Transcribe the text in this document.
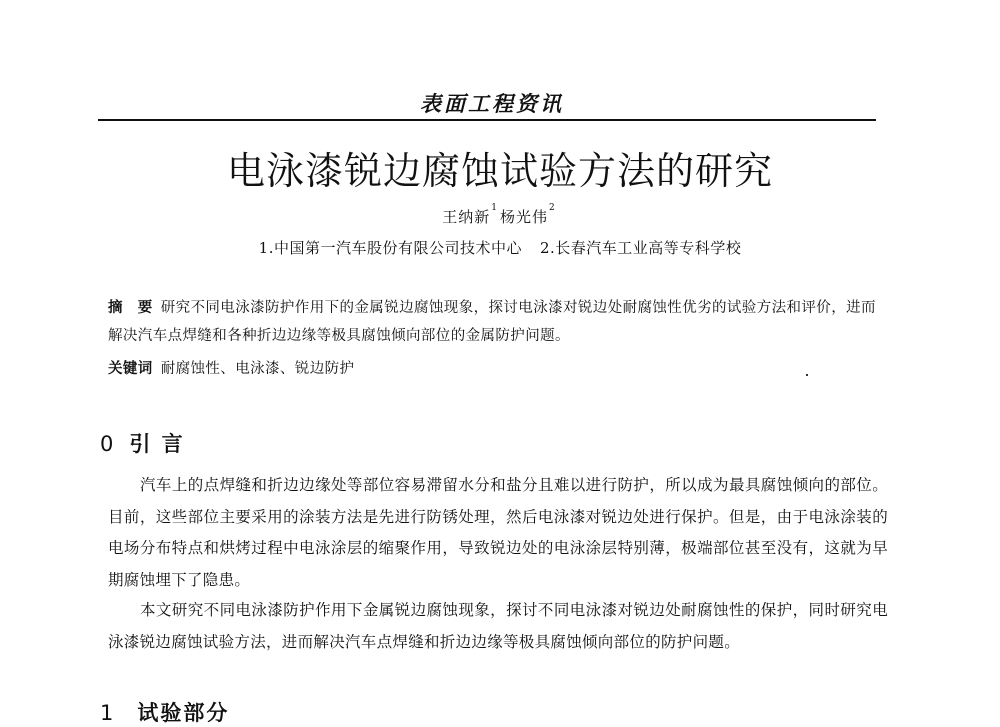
表面工程资讯
电泳漆锐边腐蚀试验方法的研究
王纳新$^1$ 杨光伟$^2$
1.中国第一汽车股份有限公司技术中心 2.长春汽车工业高等专科学校
摘　要 研究不同电泳漆防护作用下的金属锐边腐蚀现象，探讨电泳漆对锐边处耐腐蚀性优劣的试验方法和评价，进而解决汽车点焊缝和各种折边边缘等极具腐蚀倾向部位的金属防护问题。
关键词 耐腐蚀性、电泳漆、锐边防护
0 引 言
汽车上的点焊缝和折边边缘处等部位容易滞留水分和盐分且难以进行防护，所以成为最具腐蚀倾向的部位。目前，这些部位主要采用的涂装方法是先进行防锈处理，然后电泳漆对锐边处进行保护。但是，由于电泳涂装的电场分布特点和烘烤过程中电泳涂层的缩聚作用，导致锐边处的电泳涂层特别薄，极端部位甚至没有，这就为早期腐蚀埋下了隐患。
本文研究不同电泳漆防护作用下金属锐边腐蚀现象，探讨不同电泳漆对锐边处耐腐蚀性的保护，同时研究电泳漆锐边腐蚀试验方法，进而解决汽车点焊缝和折边边缘等极具腐蚀倾向部位的防护问题。
1 试验部分
